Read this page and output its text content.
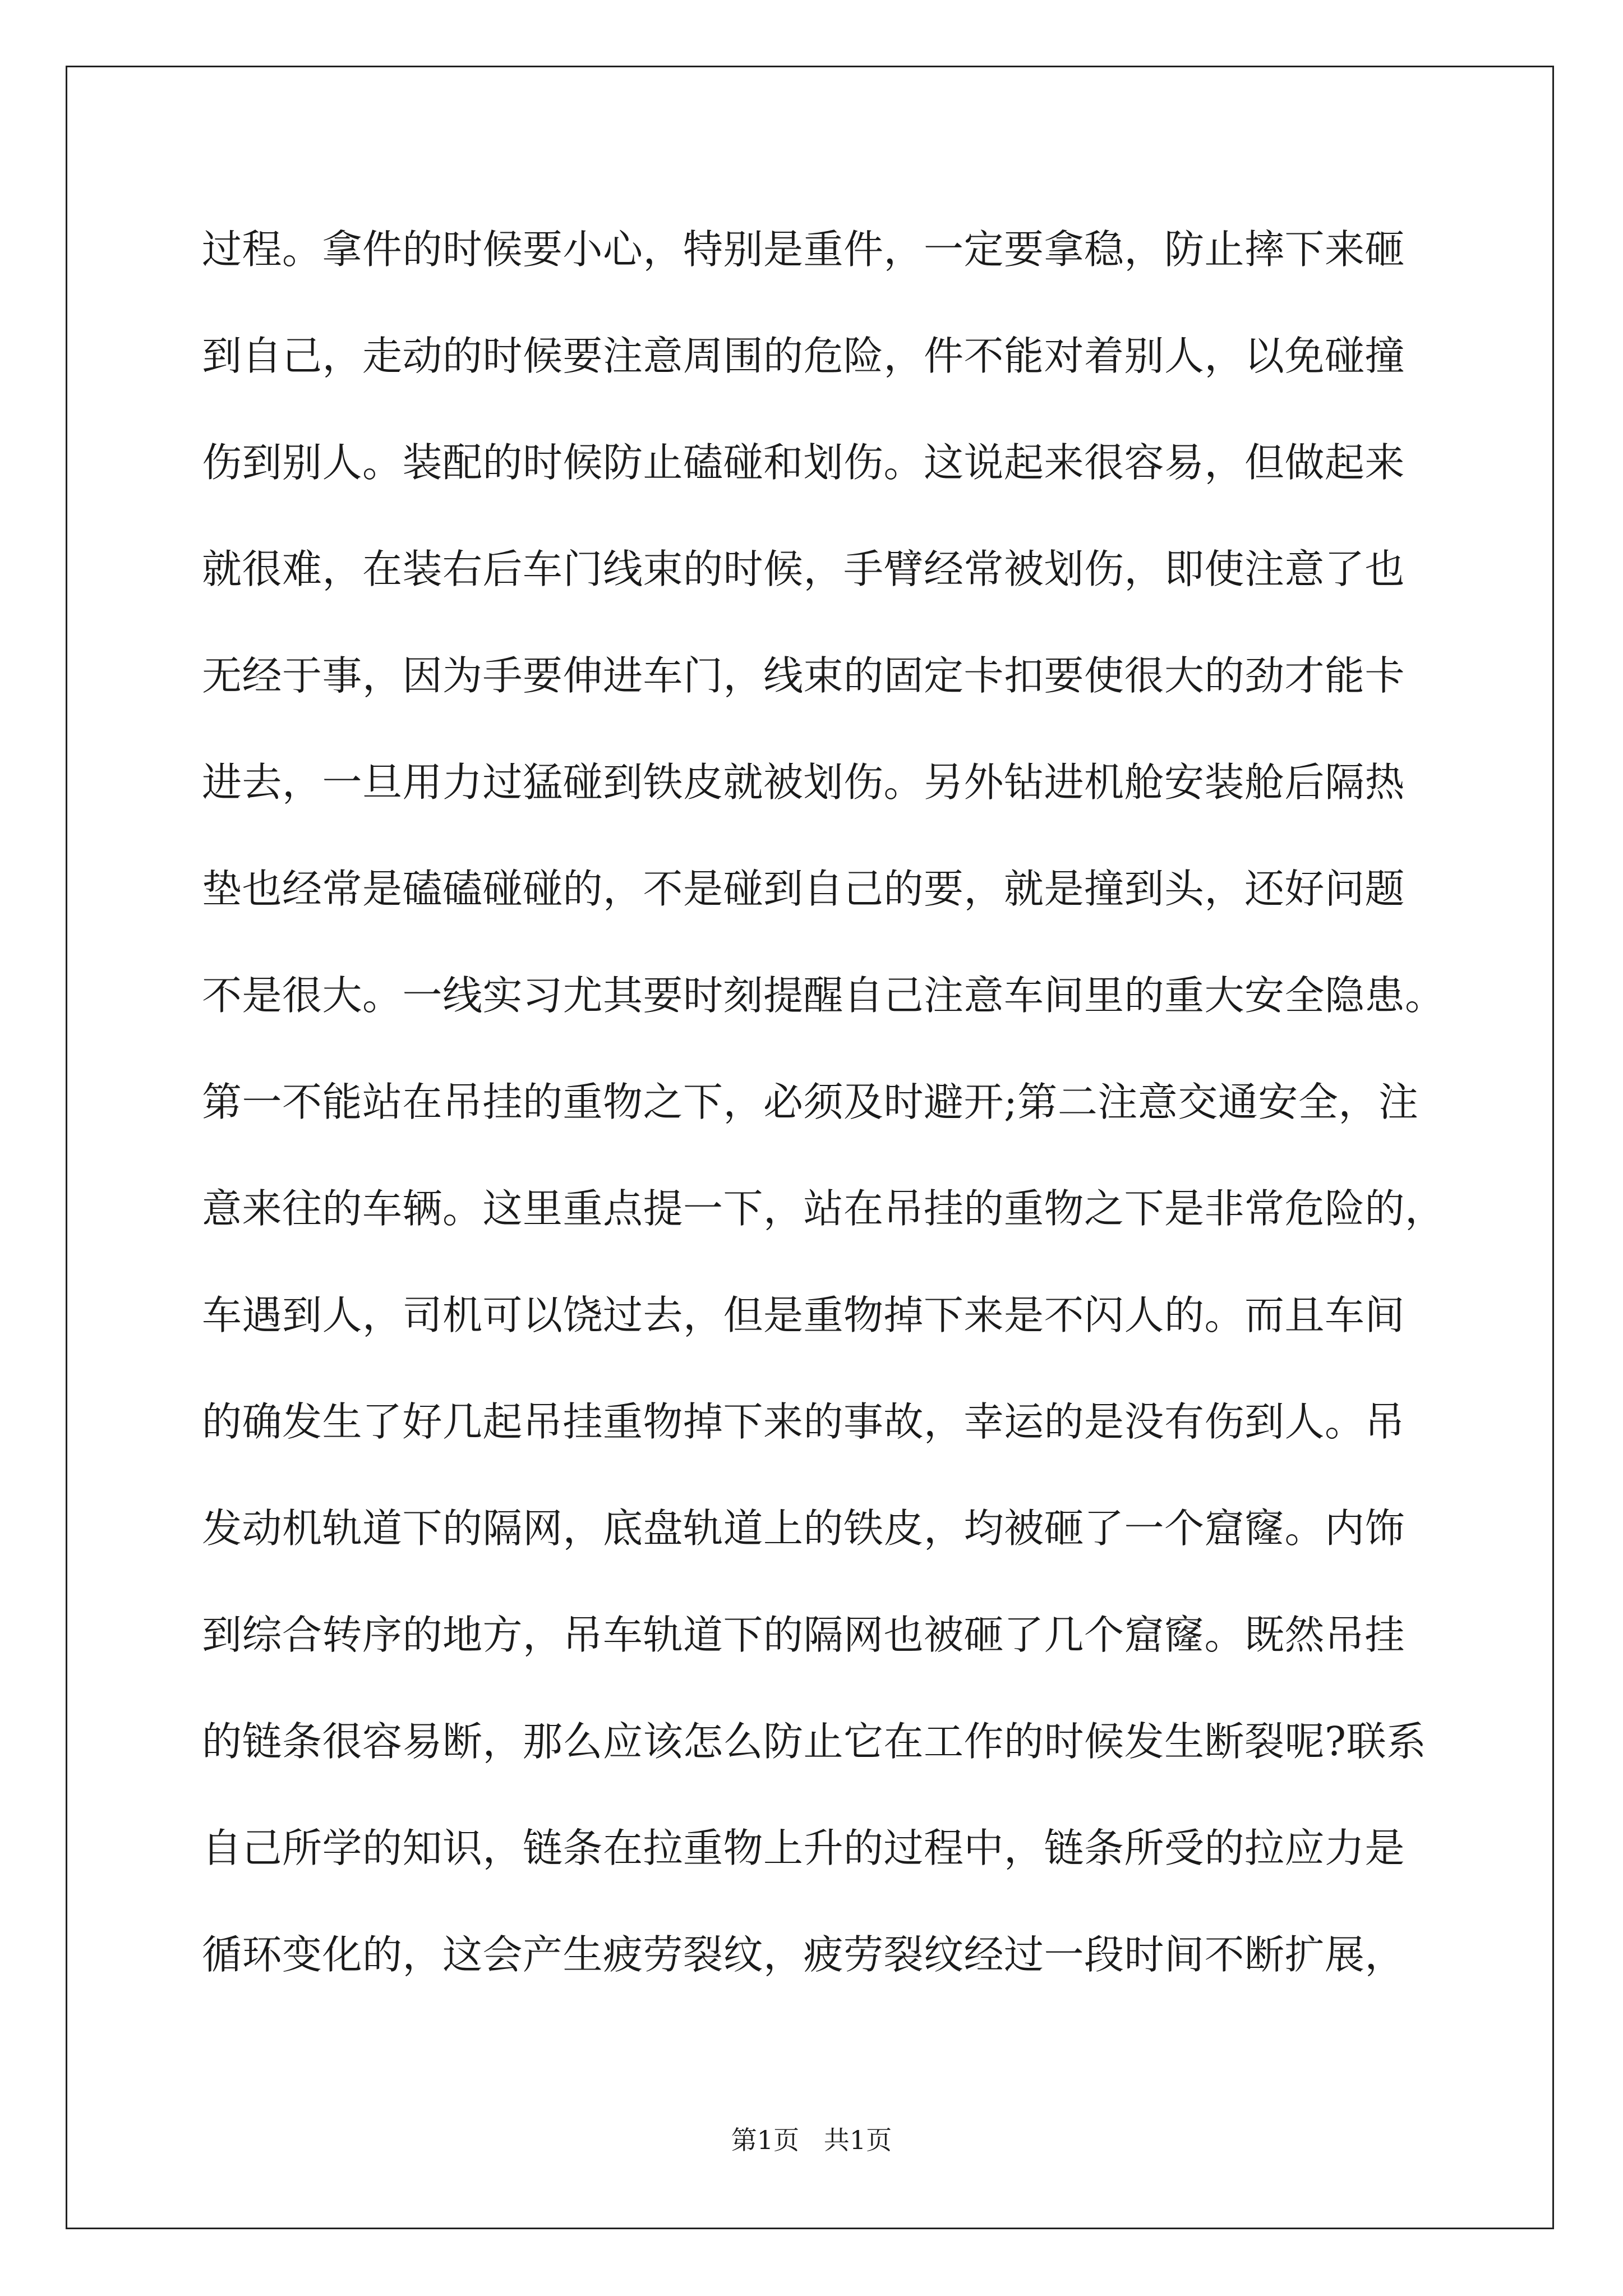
过程。拿件的时候要小心，特别是重件，一定要拿稳，防止摔下来砸
到自己，走动的时候要注意周围的危险，件不能对着别人，以免碰撞
伤到别人。装配的时候防止磕碰和划伤。这说起来很容易，但做起来
就很难，在装右后车门线束的时候，手臂经常被划伤，即使注意了也
无经于事，因为手要伸进车门，线束的固定卡扣要使很大的劲才能卡
进去，一旦用力过猛碰到铁皮就被划伤。另外钻进机舱安装舱后隔热
垫也经常是磕磕碰碰的，不是碰到自己的要，就是撞到头，还好问题
不是很大。一线实习尤其要时刻提醒自己注意车间里的重大安全隐患。
第一不能站在吊挂的重物之下，必须及时避开;第二注意交通安全，注
意来往的车辆。这里重点提一下，站在吊挂的重物之下是非常危险的，
车遇到人，司机可以饶过去，但是重物掉下来是不闪人的。而且车间
的确发生了好几起吊挂重物掉下来的事故，幸运的是没有伤到人。吊
发动机轨道下的隔网，底盘轨道上的铁皮，均被砸了一个窟窿。内饰
到综合转序的地方，吊车轨道下的隔网也被砸了几个窟窿。既然吊挂
的链条很容易断，那么应该怎么防止它在工作的时候发生断裂呢?联系
自己所学的知识，链条在拉重物上升的过程中，链条所受的拉应力是
循环变化的，这会产生疲劳裂纹，疲劳裂纹经过一段时间不断扩展，
第1页   共1页
